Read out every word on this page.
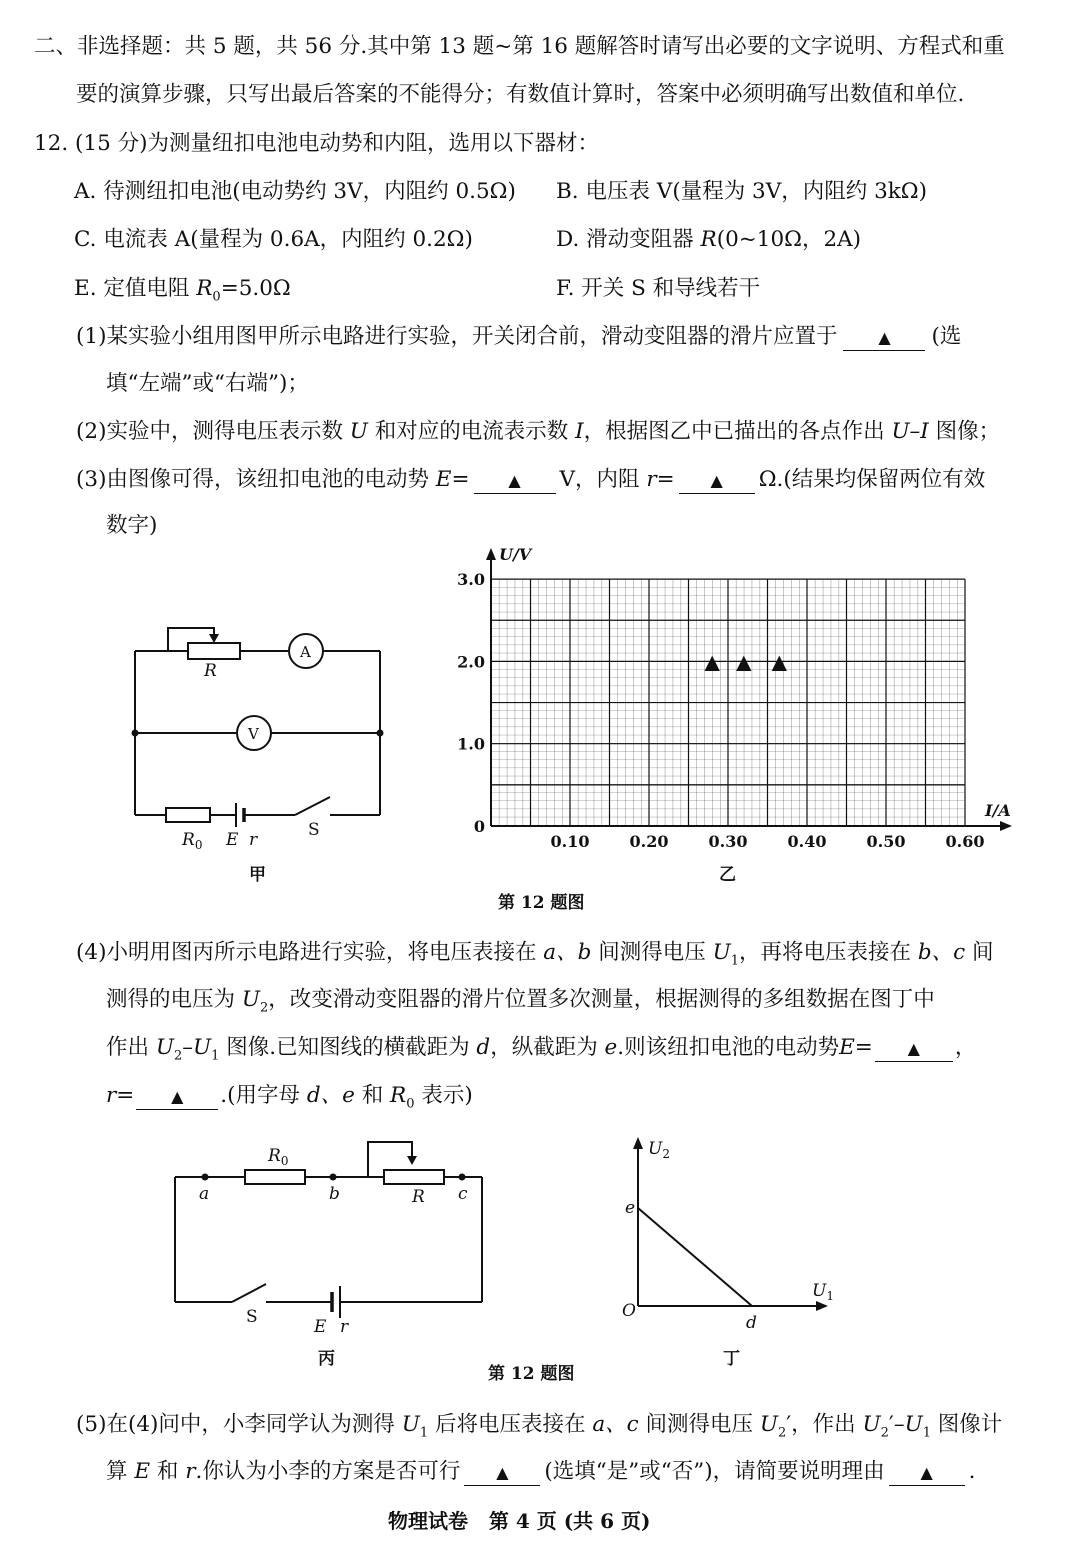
二、非选择题：共 5 题，共 56 分.其中第 13 题~第 16 题解答时请写出必要的文字说明、方程式和重
要的演算步骤，只写出最后答案的不能得分；有数值计算时，答案中必须明确写出数值和单位.
12. (15 分)为测量纽扣电池电动势和内阻，选用以下器材：
A. 待测纽扣电池(电动势约 3V，内阻约 0.5Ω) B. 电压表 V(量程为 3V，内阻约 3kΩ)
C. 电流表 A(量程为 0.6A，内阻约 0.2Ω)	D. 滑动变阻器 R(0~10Ω，2A)
E. 定值电阻 $R_0=5.0\Omega$	F. 开关 S 和导线若干
(1)某实验小组用图甲所示电路进行实验，开关闭合前，滑动变阻器的滑片应置于	▲ (选
填“左端”或“右端”)；
(2)实验中，测得电压表示数 U 和对应的电流表示数 I，根据图乙中已描出的各点作出 U–I 图像；
(3)由图像可得，该纽扣电池的电动势 E= ▲ V，内阻 r= ▲ Ω.(结果均保留两位有效
数字)
R
A
V
$R_0$ E r	S
甲
0.10	0.20	0.30	0.40	0.50	0.60
0
1.0
2.0
3.0
▲ ▲ ▲
U/V
I/A
乙
第 12 题图
(4)小明用图丙所示电路进行实验，将电压表接在 a、b 间测得电压 $U_1$，再将电压表接在 b、c 间
测得的电压为 $U_2$，改变滑动变阻器的滑片位置多次测量，根据测得的多组数据在图丁中
作出 $U_2-U_1$ 图像.已知图线的横截距为 d，纵截距为 e.则该纽扣电池的电动势E= ▲ ，
r= ▲ .(用字母 d、e 和 $R_0$ 表示)
$R_0$
a	b	R c
S	E r
丙
$U_2$
$U_1$
e
O
d
丁
第 12 题图
(5)在(4)问中，小李同学认为测得 $U_1$ 后将电压表接在 a、c 间测得电压 $U_2'$，作出 $U_2'-U_1$ 图像计
算 E 和 r.你认为小李的方案是否可行 ▲ (选填“是”或“否”)，请简要说明理由 ▲ .
物理试卷   第 4 页 (共 6 页)
